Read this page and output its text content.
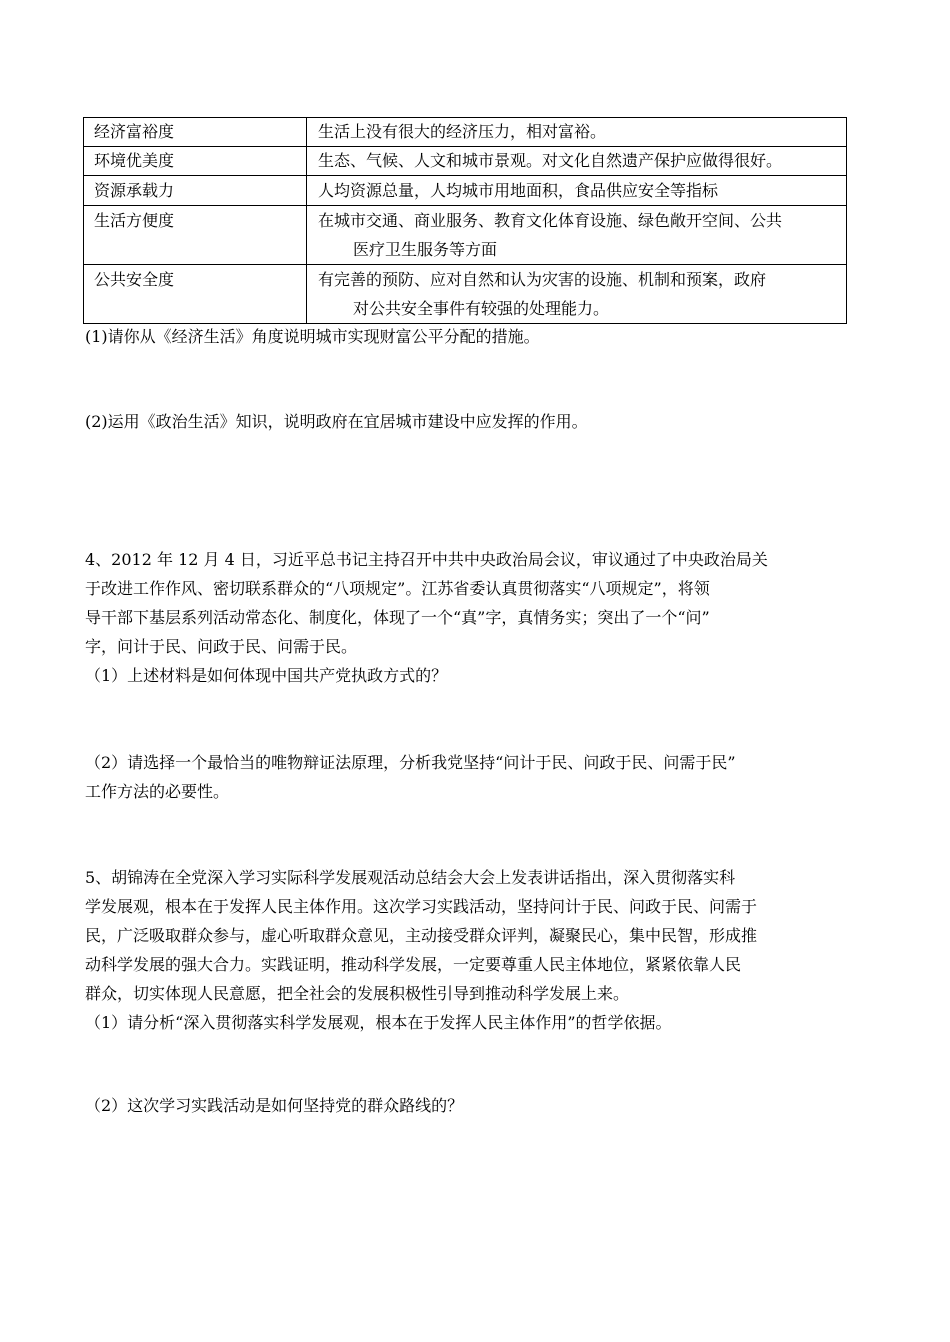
经济富裕度	生活上没有很大的经济压力，相对富裕。
环境优美度	生态、气候、人文和城市景观。对文化自然遗产保护应做得很好。
资源承载力	人均资源总量，人均城市用地面积，食品供应安全等指标
生活方便度	在城市交通、商业服务、教育文化体育设施、绿色敞开空间、公共
医疗卫生服务等方面

公共安全度	有完善的预防、应对自然和认为灾害的设施、机制和预案，政府
对公共安全事件有较强的处理能力。
(1)请你从《经济生活》角度说明城市实现财富公平分配的措施。
(2)运用《政治生活》知识，说明政府在宜居城市建设中应发挥的作用。
4、2012 年 12 月 4 日，习近平总书记主持召开中共中央政治局会议，审议通过了中央政治局关
于改进工作作风、密切联系群众的“八项规定”。江苏省委认真贯彻落实“八项规定”，将领
导干部下基层系列活动常态化、制度化，体现了一个“真”字，真情务实；突出了一个“问”
字，问计于民、问政于民、问需于民。
（1）上述材料是如何体现中国共产党执政方式的？
（2）请选择一个最恰当的唯物辩证法原理，分析我党坚持“问计于民、问政于民、问需于民”
工作方法的必要性。
5、胡锦涛在全党深入学习实际科学发展观活动总结会大会上发表讲话指出，深入贯彻落实科
学发展观，根本在于发挥人民主体作用。这次学习实践活动，坚持问计于民、问政于民、问需于
民，广泛吸取群众参与，虚心听取群众意见，主动接受群众评判，凝聚民心，集中民智，形成推
动科学发展的强大合力。实践证明，推动科学发展，一定要尊重人民主体地位，紧紧依靠人民
群众，切实体现人民意愿，把全社会的发展积极性引导到推动科学发展上来。
（1）请分析“深入贯彻落实科学发展观，根本在于发挥人民主体作用”的哲学依据。
（2）这次学习实践活动是如何坚持党的群众路线的？
